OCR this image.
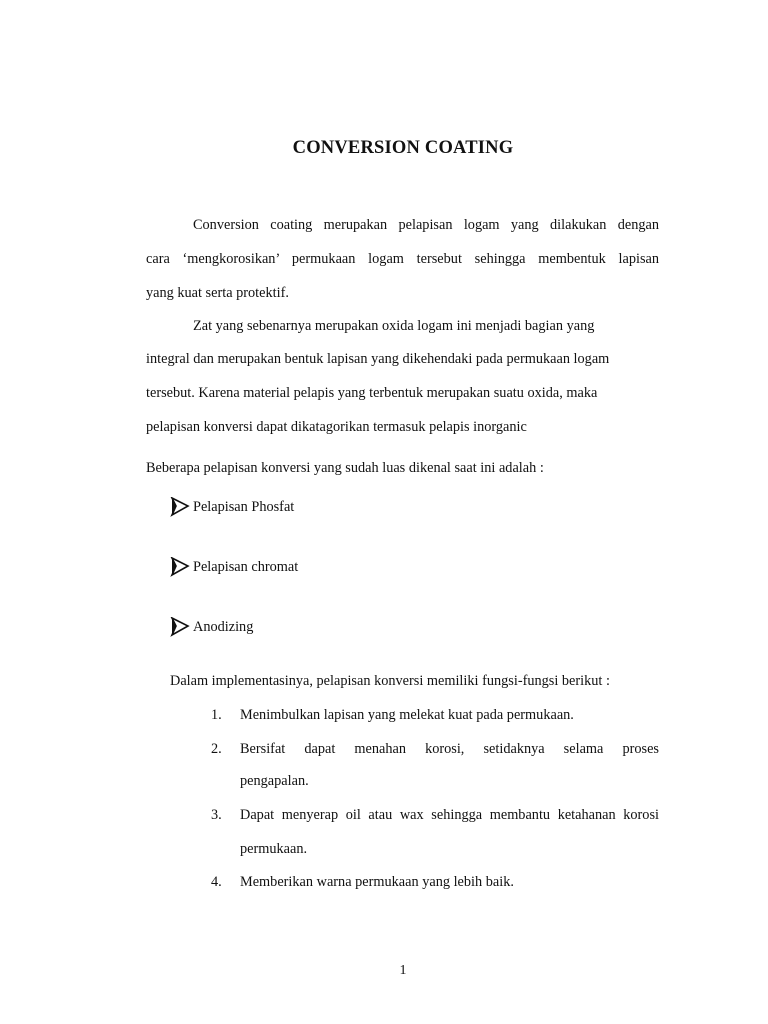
CONVERSION COATING
Conversion coating merupakan pelapisan logam yang dilakukan dengan
cara ‘mengkorosikan’ permukaan logam tersebut sehingga membentuk lapisan
yang kuat serta protektif.
Zat yang sebenarnya merupakan oxida logam ini menjadi bagian yang
integral dan merupakan bentuk lapisan yang dikehendaki pada permukaan logam
tersebut. Karena material pelapis yang terbentuk merupakan suatu oxida, maka
pelapisan konversi dapat dikatagorikan termasuk pelapis inorganic
Beberapa pelapisan konversi yang sudah luas dikenal saat ini adalah :
Pelapisan Phosfat
Pelapisan chromat
Anodizing
Dalam implementasinya, pelapisan konversi memiliki fungsi-fungsi berikut :
1.	Menimbulkan lapisan yang melekat kuat pada permukaan.
2.	Bersifat dapat menahan korosi, setidaknya selama proses
pengapalan.
3.	Dapat menyerap oil atau wax sehingga membantu ketahanan korosi
permukaan.
4.	Memberikan warna permukaan yang lebih baik.
1
